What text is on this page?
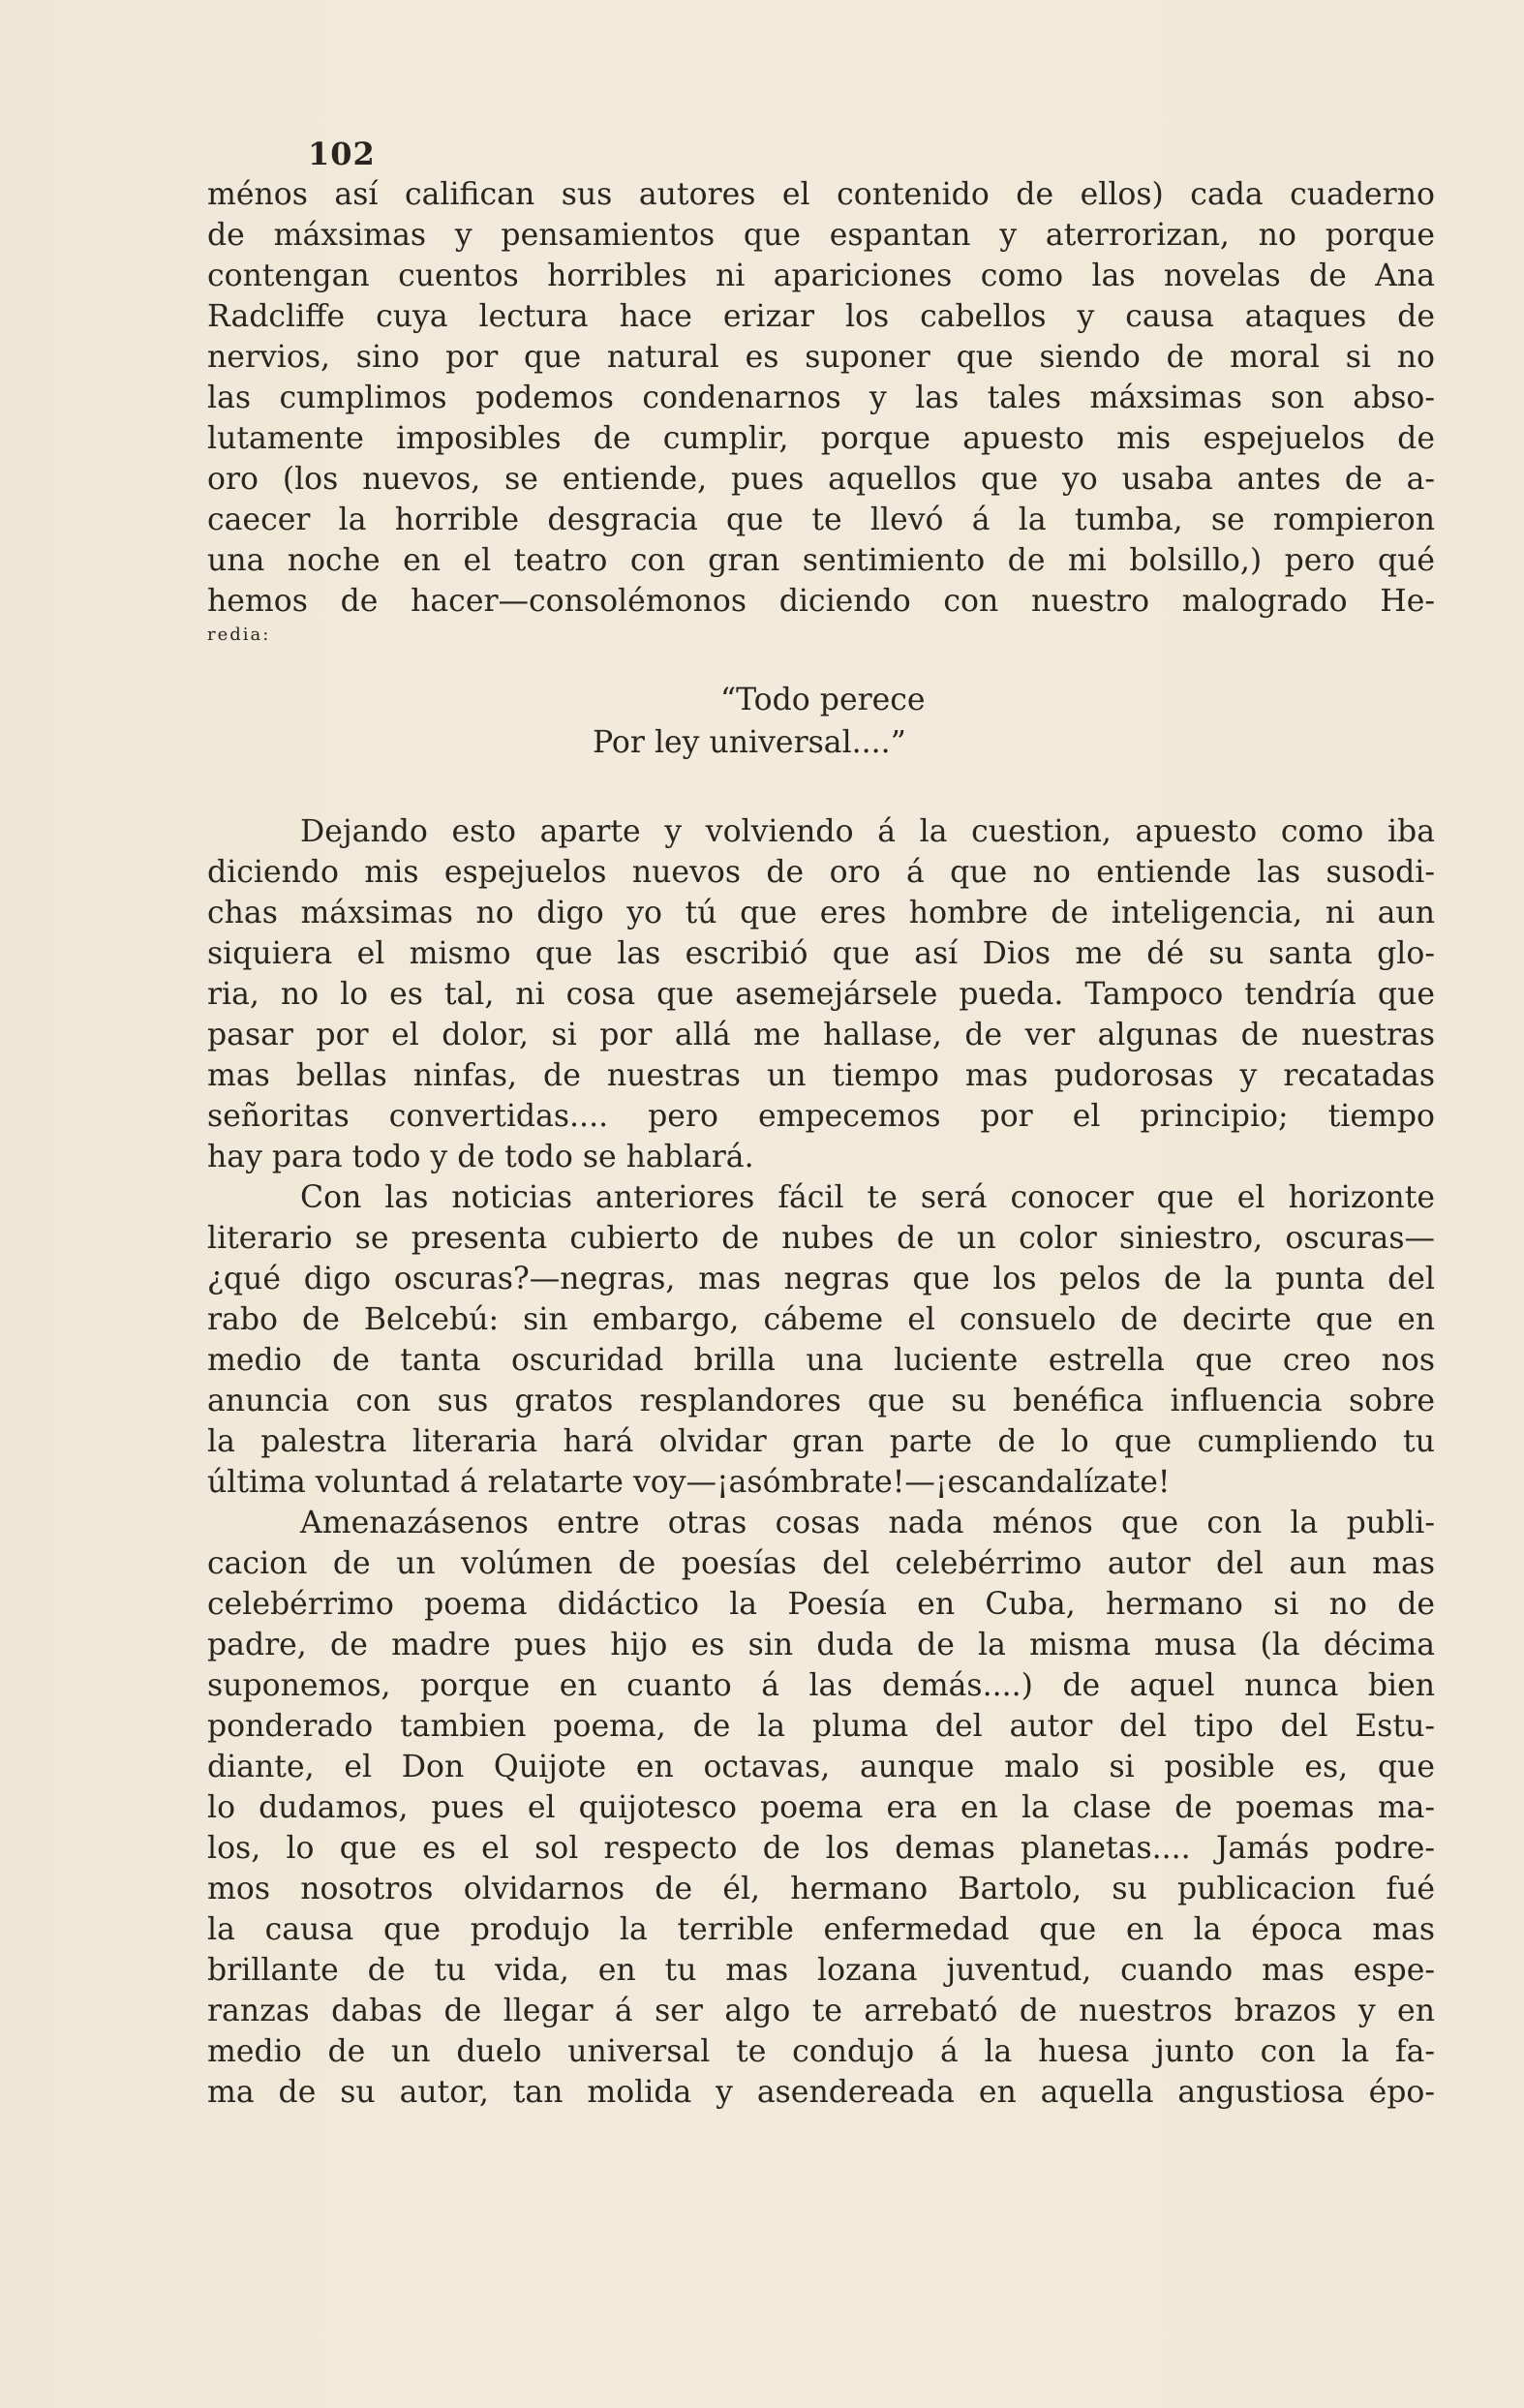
102
ménos así califican sus autores el contenido de ellos) cada cuaderno
de máxsimas y pensamientos que espantan y aterrorizan, no porque
contengan cuentos horribles ni apariciones como las novelas de Ana
Radcliffe cuya lectura hace erizar los cabellos y causa ataques de
nervios, sino por que natural es suponer que siendo de moral si no
las cumplimos podemos condenarnos y las tales máxsimas son abso-
lutamente imposibles de cumplir, porque apuesto mis espejuelos de
oro (los nuevos, se entiende, pues aquellos que yo usaba antes de a-
caecer la horrible desgracia que te llevó á la tumba, se rompieron
una noche en el teatro con gran sentimiento de mi bolsillo,) pero qué
hemos de hacer—consolémonos diciendo con nuestro malogrado He-
redia:
“Todo perece
Por ley universal....”
Dejando esto aparte y volviendo á la cuestion, apuesto como iba
diciendo mis espejuelos nuevos de oro á que no entiende las susodi-
chas máxsimas no digo yo tú que eres hombre de inteligencia, ni aun
siquiera el mismo que las escribió que así Dios me dé su santa glo-
ria, no lo es tal, ni cosa que asemejársele pueda. Tampoco tendría que
pasar por el dolor, si por allá me hallase, de ver algunas de nuestras
mas bellas ninfas, de nuestras un tiempo mas pudorosas y recatadas
señoritas convertidas.... pero empecemos por el principio; tiempo
hay para todo y de todo se hablará.
Con las noticias anteriores fácil te será conocer que el horizonte
literario se presenta cubierto de nubes de un color siniestro, oscuras—
¿qué digo oscuras?—negras, mas negras que los pelos de la punta del
rabo de Belcebú: sin embargo, cábeme el consuelo de decirte que en
medio de tanta oscuridad brilla una luciente estrella que creo nos
anuncia con sus gratos resplandores que su benéfica influencia sobre
la palestra literaria hará olvidar gran parte de lo que cumpliendo tu
última voluntad á relatarte voy—¡asómbrate!—¡escandalízate!
Amenazásenos entre otras cosas nada ménos que con la publi-
cacion de un volúmen de poesías del celebérrimo autor del aun mas
celebérrimo poema didáctico la Poesía en Cuba, hermano si no de
padre, de madre pues hijo es sin duda de la misma musa (la décima
suponemos, porque en cuanto á las demás....) de aquel nunca bien
ponderado tambien poema, de la pluma del autor del tipo del Estu-
diante, el Don Quijote en octavas, aunque malo si posible es, que
lo dudamos, pues el quijotesco poema era en la clase de poemas ma-
los, lo que es el sol respecto de los demas planetas.... Jamás podre-
mos nosotros olvidarnos de él, hermano Bartolo, su publicacion fué
la causa que produjo la terrible enfermedad que en la época mas
brillante de tu vida, en tu mas lozana juventud, cuando mas espe-
ranzas dabas de llegar á ser algo te arrebató de nuestros brazos y en
medio de un duelo universal te condujo á la huesa junto con la fa-
ma de su autor, tan molida y asendereada en aquella angustiosa épo-
